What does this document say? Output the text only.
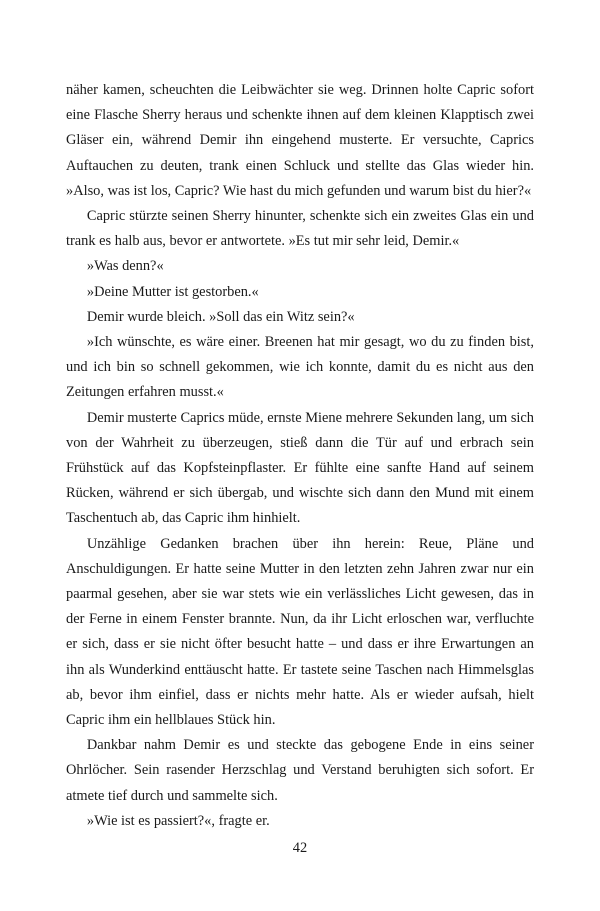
näher kamen, scheuchten die Leibwächter sie weg. Drinnen holte Capric sofort eine Flasche Sherry heraus und schenkte ihnen auf dem kleinen Klapptisch zwei Gläser ein, während Demir ihn eingehend musterte. Er versuchte, Caprics Auftauchen zu deuten, trank einen Schluck und stellte das Glas wieder hin. »Also, was ist los, Capric? Wie hast du mich gefunden und warum bist du hier?«

Capric stürzte seinen Sherry hinunter, schenkte sich ein zweites Glas ein und trank es halb aus, bevor er antwortete. »Es tut mir sehr leid, Demir.«

»Was denn?«

»Deine Mutter ist gestorben.«

Demir wurde bleich. »Soll das ein Witz sein?«

»Ich wünschte, es wäre einer. Breenen hat mir gesagt, wo du zu finden bist, und ich bin so schnell gekommen, wie ich konnte, damit du es nicht aus den Zeitungen erfahren musst.«

Demir musterte Caprics müde, ernste Miene mehrere Sekunden lang, um sich von der Wahrheit zu überzeugen, stieß dann die Tür auf und erbrach sein Frühstück auf das Kopfsteinpflaster. Er fühlte eine sanfte Hand auf seinem Rücken, während er sich übergab, und wischte sich dann den Mund mit einem Taschentuch ab, das Capric ihm hinhielt.

Unzählige Gedanken brachen über ihn herein: Reue, Pläne und Anschuldigungen. Er hatte seine Mutter in den letzten zehn Jahren zwar nur ein paarmal gesehen, aber sie war stets wie ein verlässliches Licht gewesen, das in der Ferne in einem Fenster brannte. Nun, da ihr Licht erloschen war, verfluchte er sich, dass er sie nicht öfter besucht hatte – und dass er ihre Erwartungen an ihn als Wunderkind enttäuscht hatte. Er tastete seine Taschen nach Himmelsglas ab, bevor ihm einfiel, dass er nichts mehr hatte. Als er wieder aufsah, hielt Capric ihm ein hellblaues Stück hin.

Dankbar nahm Demir es und steckte das gebogene Ende in eins seiner Ohrlöcher. Sein rasender Herzschlag und Verstand beruhigten sich sofort. Er atmete tief durch und sammelte sich.

»Wie ist es passiert?«, fragte er.

42
